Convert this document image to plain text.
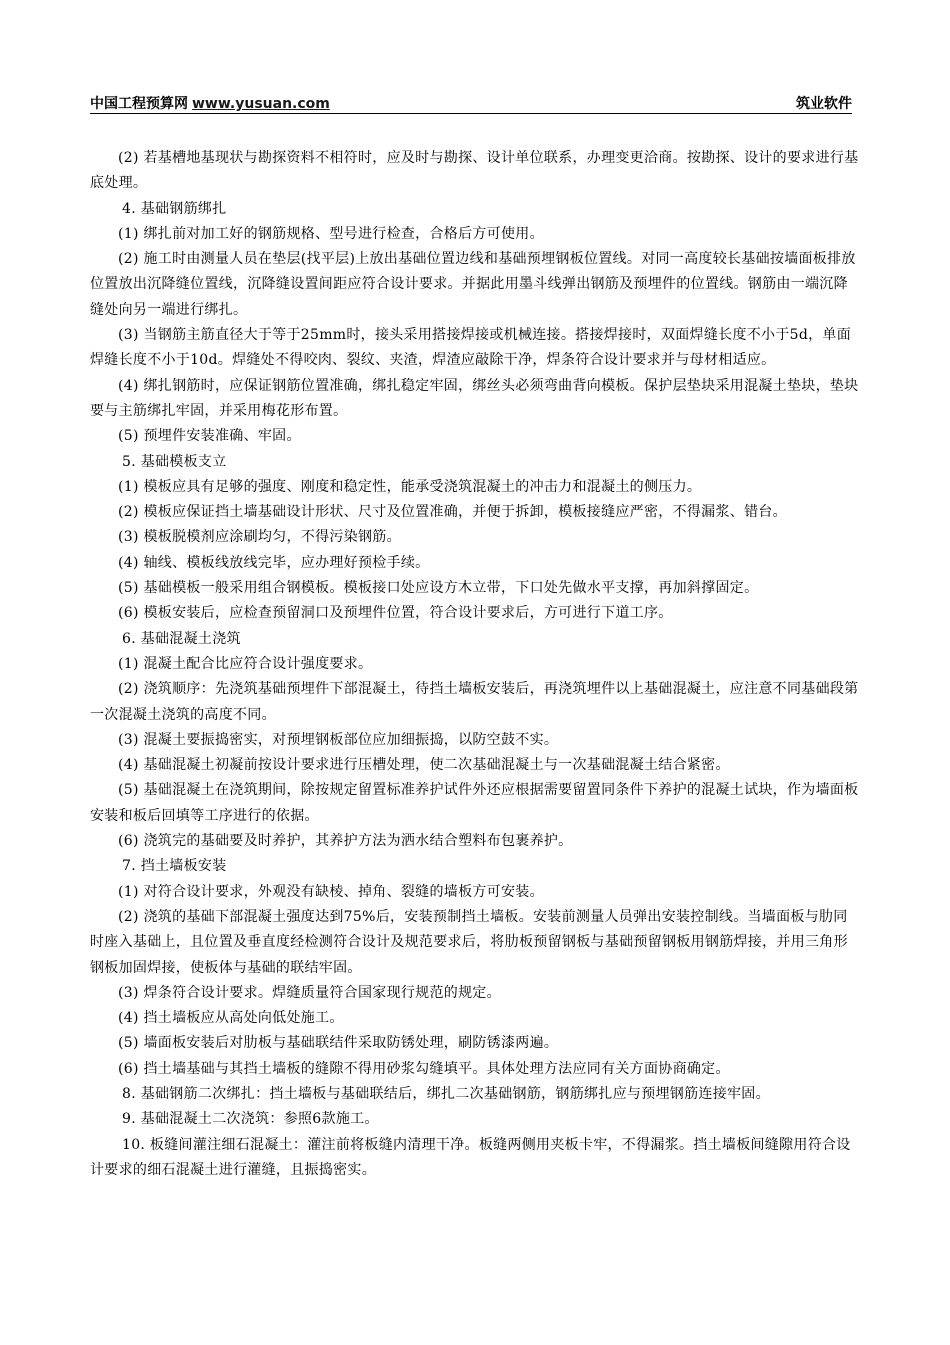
中国工程预算网 www.yusuan.com	筑业软件

(2) 若基槽地基现状与勘探资料不相符时，应及时与勘探、设计单位联系，办理变更洽商。按勘探、设计的要求进行基底处理。

4. 基础钢筋绑扎

(1) 绑扎前对加工好的钢筋规格、型号进行检查，合格后方可使用。

(2) 施工时由测量人员在垫层(找平层)上放出基础位置边线和基础预埋钢板位置线。对同一高度较长基础按墙面板排放位置放出沉降缝位置线，沉降缝设置间距应符合设计要求。并据此用墨斗线弹出钢筋及预埋件的位置线。钢筋由一端沉降缝处向另一端进行绑扎。

(3) 当钢筋主筋直径大于等于25mm时，接头采用搭接焊接或机械连接。搭接焊接时，双面焊缝长度不小于5d，单面焊缝长度不小于10d。焊缝处不得咬肉、裂纹、夹渣，焊渣应敲除干净，焊条符合设计要求并与母材相适应。

(4) 绑扎钢筋时，应保证钢筋位置准确，绑扎稳定牢固，绑丝头必须弯曲背向模板。保护层垫块采用混凝土垫块，垫块要与主筋绑扎牢固，并采用梅花形布置。

(5) 预埋件安装准确、牢固。

5. 基础模板支立

(1) 模板应具有足够的强度、刚度和稳定性，能承受浇筑混凝土的冲击力和混凝土的侧压力。

(2) 模板应保证挡土墙基础设计形状、尺寸及位置准确，并便于拆卸，模板接缝应严密，不得漏浆、错台。

(3) 模板脱模剂应涂刷均匀，不得污染钢筋。

(4) 轴线、模板线放线完毕，应办理好预检手续。

(5) 基础模板一般采用组合钢模板。模板接口处应设方木立带，下口处先做水平支撑，再加斜撑固定。

(6) 模板安装后，应检查预留洞口及预埋件位置，符合设计要求后，方可进行下道工序。

6. 基础混凝土浇筑

(1) 混凝土配合比应符合设计强度要求。

(2) 浇筑顺序：先浇筑基础预埋件下部混凝土，待挡土墙板安装后，再浇筑埋件以上基础混凝土，应注意不同基础段第一次混凝土浇筑的高度不同。

(3) 混凝土要振捣密实，对预埋钢板部位应加细振捣，以防空鼓不实。

(4) 基础混凝土初凝前按设计要求进行压槽处理，使二次基础混凝土与一次基础混凝土结合紧密。

(5) 基础混凝土在浇筑期间，除按规定留置标准养护试件外还应根据需要留置同条件下养护的混凝土试块，作为墙面板安装和板后回填等工序进行的依据。

(6) 浇筑完的基础要及时养护，其养护方法为洒水结合塑料布包裹养护。

7. 挡土墙板安装

(1) 对符合设计要求，外观没有缺棱、掉角、裂缝的墙板方可安装。

(2) 浇筑的基础下部混凝土强度达到75%后，安装预制挡土墙板。安装前测量人员弹出安装控制线。当墙面板与肋同时座入基础上，且位置及垂直度经检测符合设计及规范要求后，将肋板预留钢板与基础预留钢板用钢筋焊接，并用三角形钢板加固焊接，使板体与基础的联结牢固。

(3) 焊条符合设计要求。焊缝质量符合国家现行规范的规定。

(4) 挡土墙板应从高处向低处施工。

(5) 墙面板安装后对肋板与基础联结件采取防锈处理，刷防锈漆两遍。

(6) 挡土墙基础与其挡土墙板的缝隙不得用砂浆勾缝填平。具体处理方法应同有关方面协商确定。

8. 基础钢筋二次绑扎：挡土墙板与基础联结后，绑扎二次基础钢筋，钢筋绑扎应与预埋钢筋连接牢固。

9. 基础混凝土二次浇筑：参照6款施工。

10. 板缝间灌注细石混凝土：灌注前将板缝内清理干净。板缝两侧用夹板卡牢，不得漏浆。挡土墙板间缝隙用符合设计要求的细石混凝土进行灌缝，且振捣密实。
